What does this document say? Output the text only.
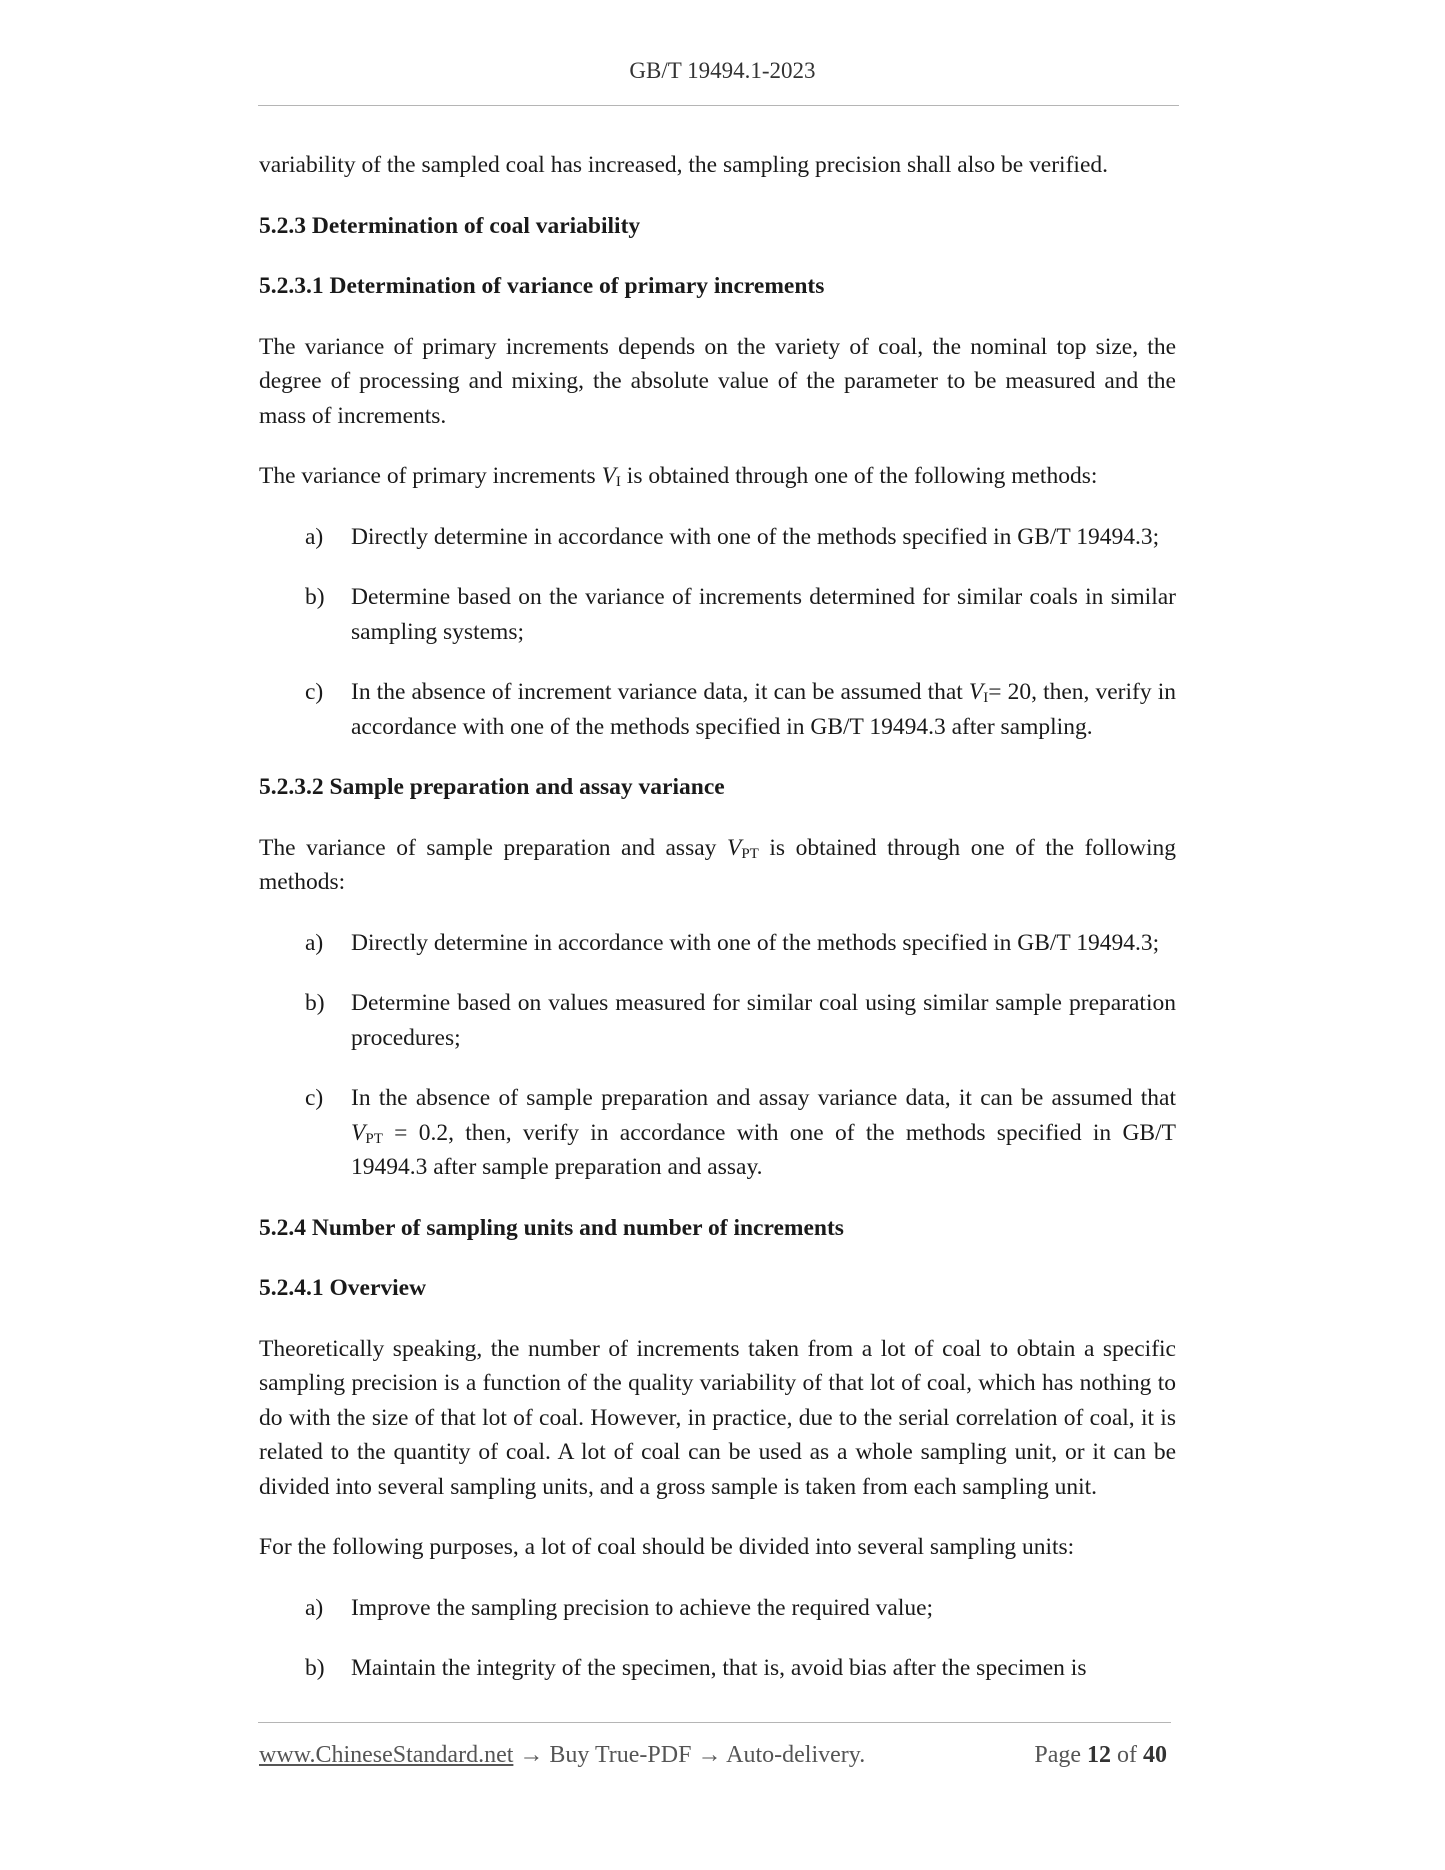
GB/T 19494.1-2023

variability of the sampled coal has increased, the sampling precision shall also be verified.

5.2.3 Determination of coal variability
5.2.3.1 Determination of variance of primary increments

The variance of primary increments depends on the variety of coal, the nominal top size, the degree of processing and mixing, the absolute value of the parameter to be measured and the mass of increments.

The variance of primary increments $V_I$ is obtained through one of the following methods:

a)	Directly determine in accordance with one of the methods specified in GB/T 19494.3;
b)	Determine based on the variance of increments determined for similar coals in similar sampling systems;
c)	In the absence of increment variance data, it can be assumed that $V_I= 20$, then, verify in accordance with one of the methods specified in GB/T 19494.3 after sampling.
5.2.3.2 Sample preparation and assay variance

The variance of sample preparation and assay $V_{PT}$ is obtained through one of the following methods:

a)	Directly determine in accordance with one of the methods specified in GB/T 19494.3;
b)	Determine based on values measured for similar coal using similar sample preparation procedures;
c)	In the absence of sample preparation and assay variance data, it can be assumed that $V_{PT} = 0.2$, then, verify in accordance with one of the methods specified in GB/T 19494.3 after sample preparation and assay.
5.2.4 Number of sampling units and number of increments
5.2.4.1 Overview

Theoretically speaking, the number of increments taken from a lot of coal to obtain a specific sampling precision is a function of the quality variability of that lot of coal, which has nothing to do with the size of that lot of coal. However, in practice, due to the serial correlation of coal, it is related to the quantity of coal. A lot of coal can be used as a whole sampling unit, or it can be divided into several sampling units, and a gross sample is taken from each sampling unit.

For the following purposes, a lot of coal should be divided into several sampling units:

a)	Improve the sampling precision to achieve the required value;
b)	Maintain the integrity of the specimen, that is, avoid bias after the specimen is
www.ChineseStandard.net → Buy True-PDF → Auto-delivery.	Page 12 of 40
